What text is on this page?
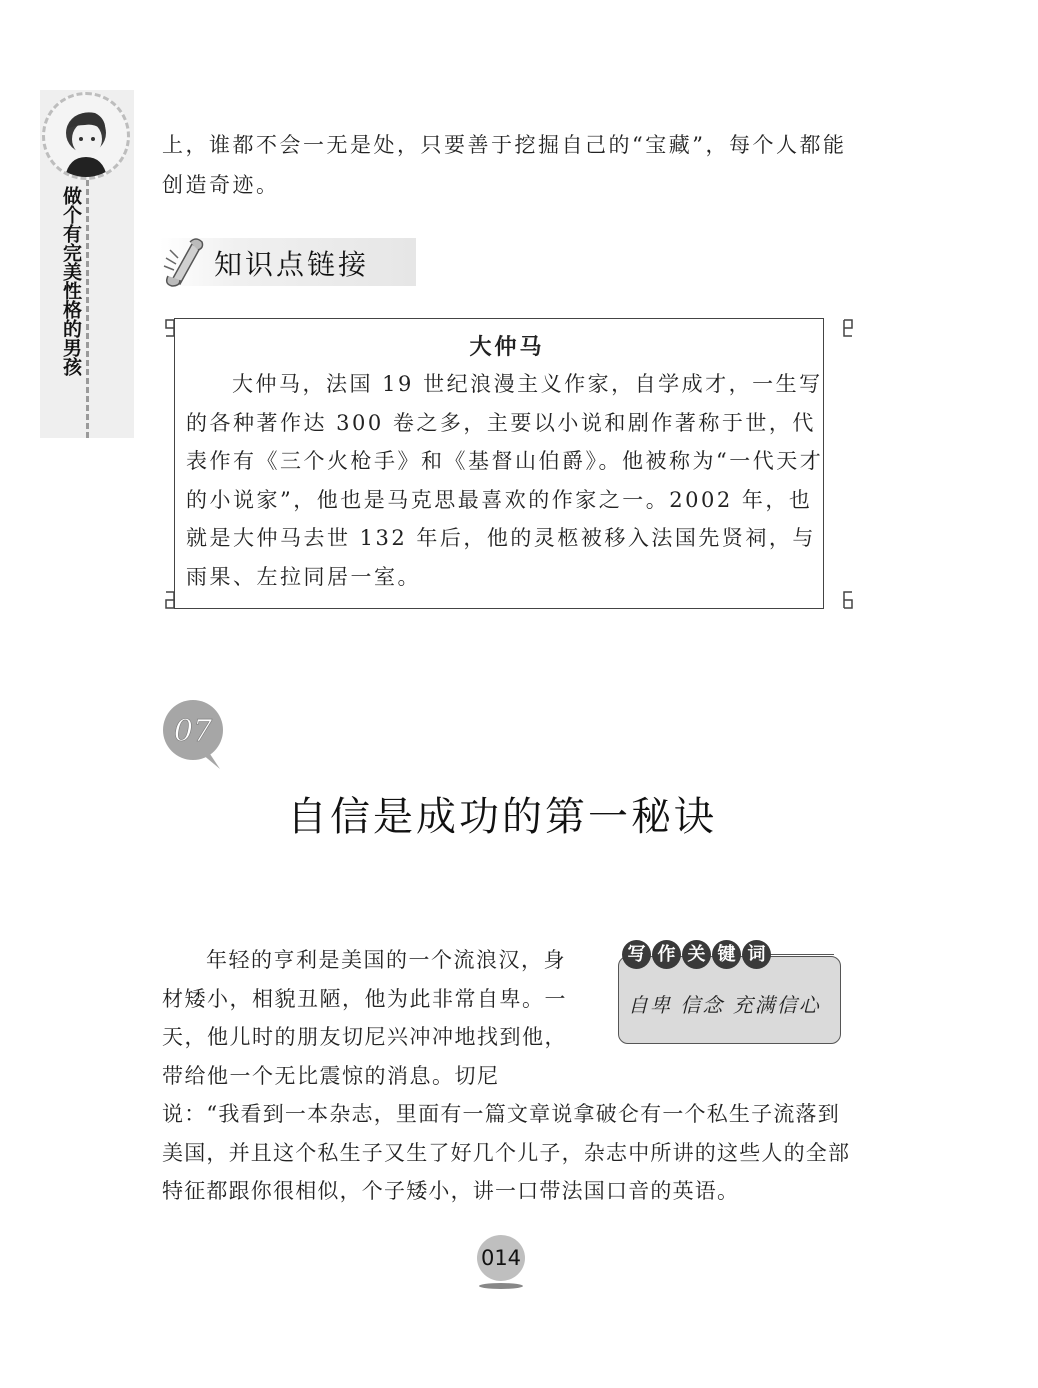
做个有完美性格的男孩
上，谁都不会一无是处，只要善于挖掘自己的“宝藏”，每个人都能创造奇迹。
知识点链接
大仲马
大仲马，法国 19 世纪浪漫主义作家，自学成才，一生写的各种著作达 300 卷之多，主要以小说和剧作著称于世，代表作有《三个火枪手》和《基督山伯爵》。他被称为“一代天才的小说家”，他也是马克思最喜欢的作家之一。2002 年，也就是大仲马去世 132 年后，他的灵柩被移入法国先贤祠，与雨果、左拉同居一室。
07
自信是成功的第一秘诀
写 作 关 键 词
自卑 信念 充满信心
年轻的亨利是美国的一个流浪汉，身材矮小，相貌丑陋，他为此非常自卑。一天，他儿时的朋友切尼兴冲冲地找到他，带给他一个无比震惊的消息。切尼
说：“我看到一本杂志，里面有一篇文章说拿破仑有一个私生子流落到美国，并且这个私生子又生了好几个儿子，杂志中所讲的这些人的全部特征都跟你很相似，个子矮小，讲一口带法国口音的英语。
014
